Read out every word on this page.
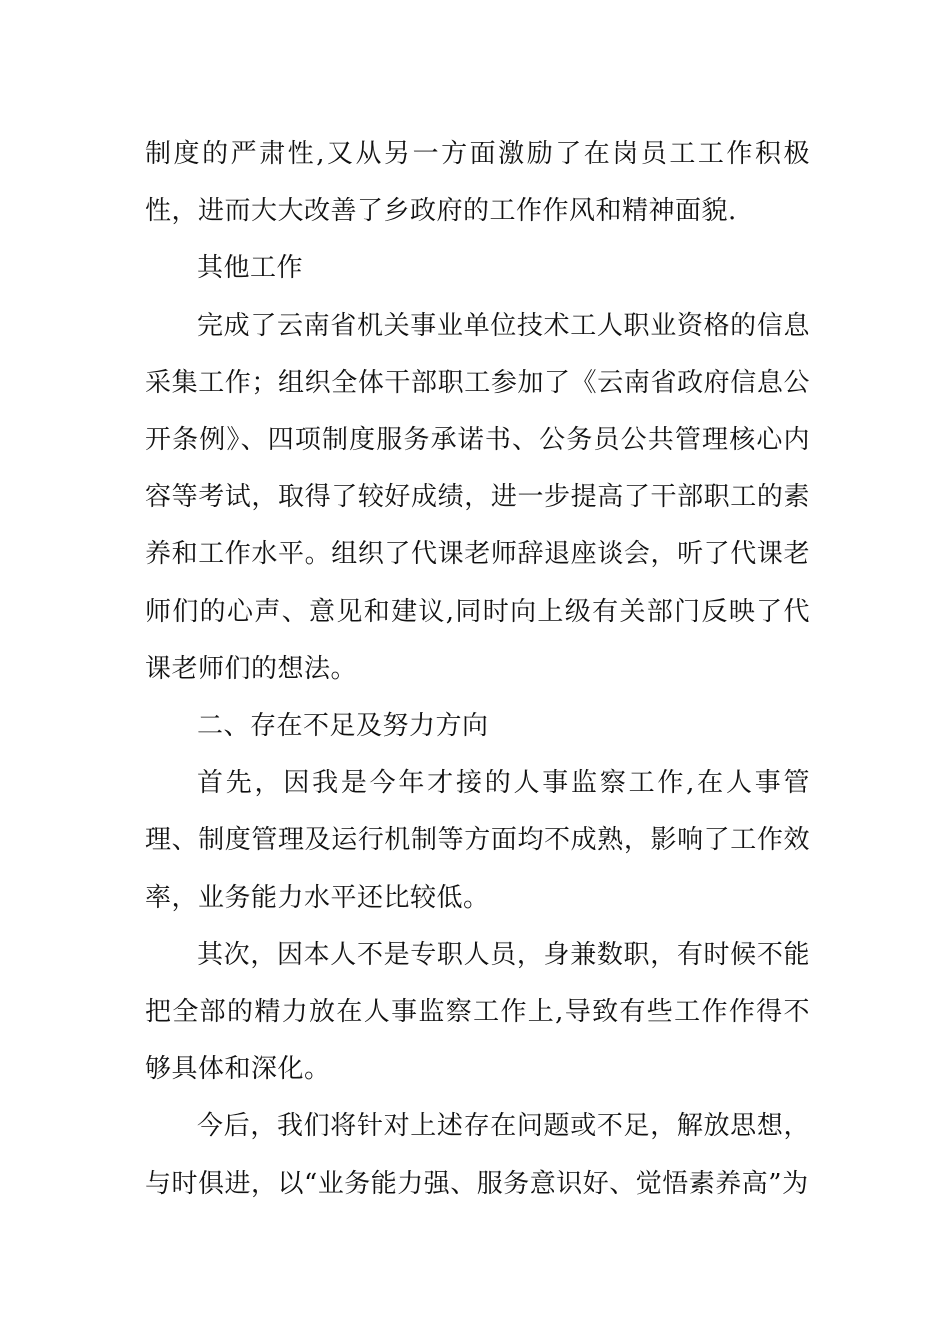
制度的严肃性,又从另一方面激励了在岗员工工作积极性，进而大大改善了乡政府的工作作风和精神面貌.

其他工作

完成了云南省机关事业单位技术工人职业资格的信息采集工作；组织全体干部职工参加了《云南省政府信息公开条例》、四项制度服务承诺书、公务员公共管理核心内容等考试，取得了较好成绩，进一步提高了干部职工的素养和工作水平。组织了代课老师辞退座谈会，听了代课老师们的心声、意见和建议,同时向上级有关部门反映了代课老师们的想法。

二、存在不足及努力方向

首先，因我是今年才接的人事监察工作,在人事管理、制度管理及运行机制等方面均不成熟，影响了工作效率，业务能力水平还比较低。

其次，因本人不是专职人员，身兼数职，有时候不能把全部的精力放在人事监察工作上,导致有些工作作得不够具体和深化。

今后，我们将针对上述存在问题或不足，解放思想，与时俱进，以“业务能力强、服务意识好、觉悟素养高”为
